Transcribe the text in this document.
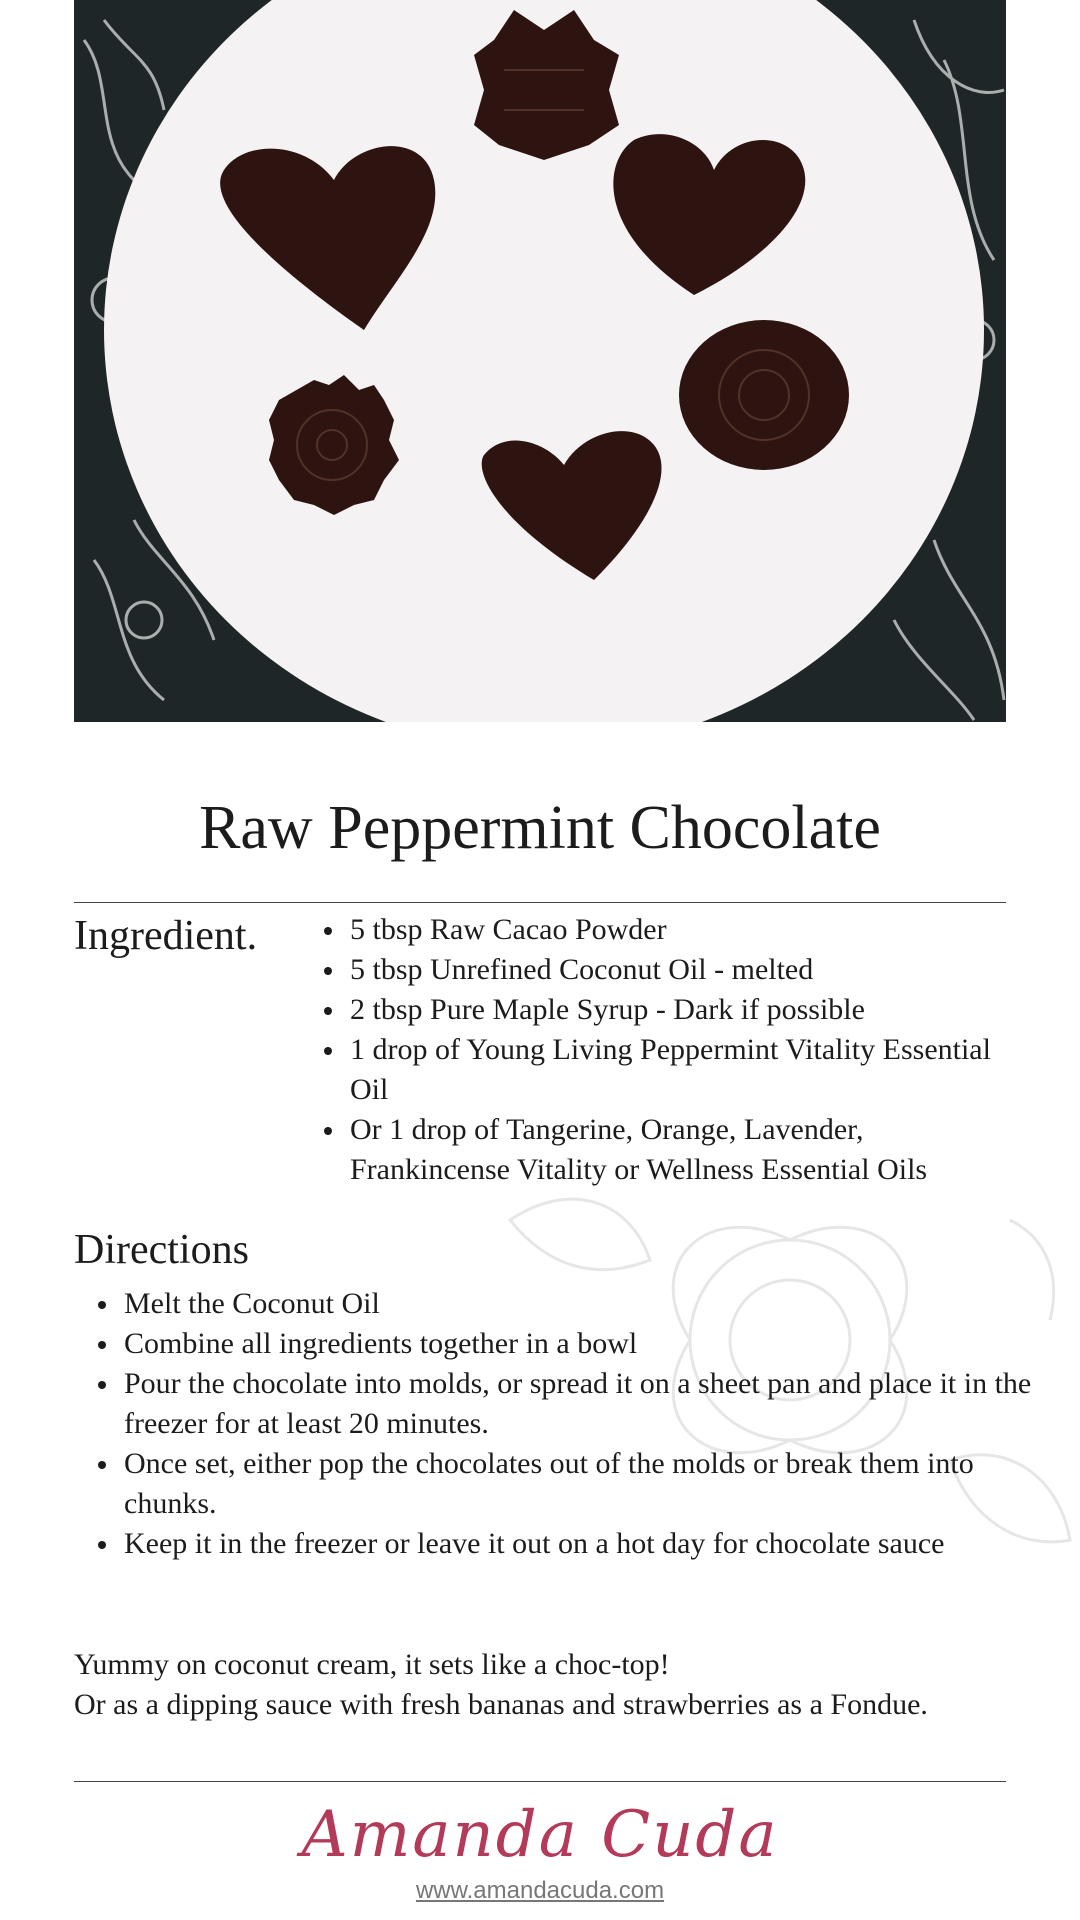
Raw Peppermint Chocolate
Ingredient.	5 tbsp Raw Cacao Powder
5 tbsp Unrefined Coconut Oil - melted
2 tbsp Pure Maple Syrup - Dark if possible
1 drop of Young Living Peppermint Vitality Essential Oil
Or 1 drop of Tangerine, Orange, Lavender, Frankincense Vitality or Wellness Essential Oils
Directions
Melt the Coconut Oil
Combine all ingredients together in a bowl
Pour the chocolate into molds, or spread it on a sheet pan and place it in the freezer for at least 20 minutes.
Once set, either pop the chocolates out of the molds or break them into chunks.
Keep it in the freezer or leave it out on a hot day for chocolate sauce

Yummy on coconut cream, it sets like a choc-top!

Or as a dipping sauce with fresh bananas and strawberries as a Fondue.

Amanda Cuda
www.amandacuda.com
